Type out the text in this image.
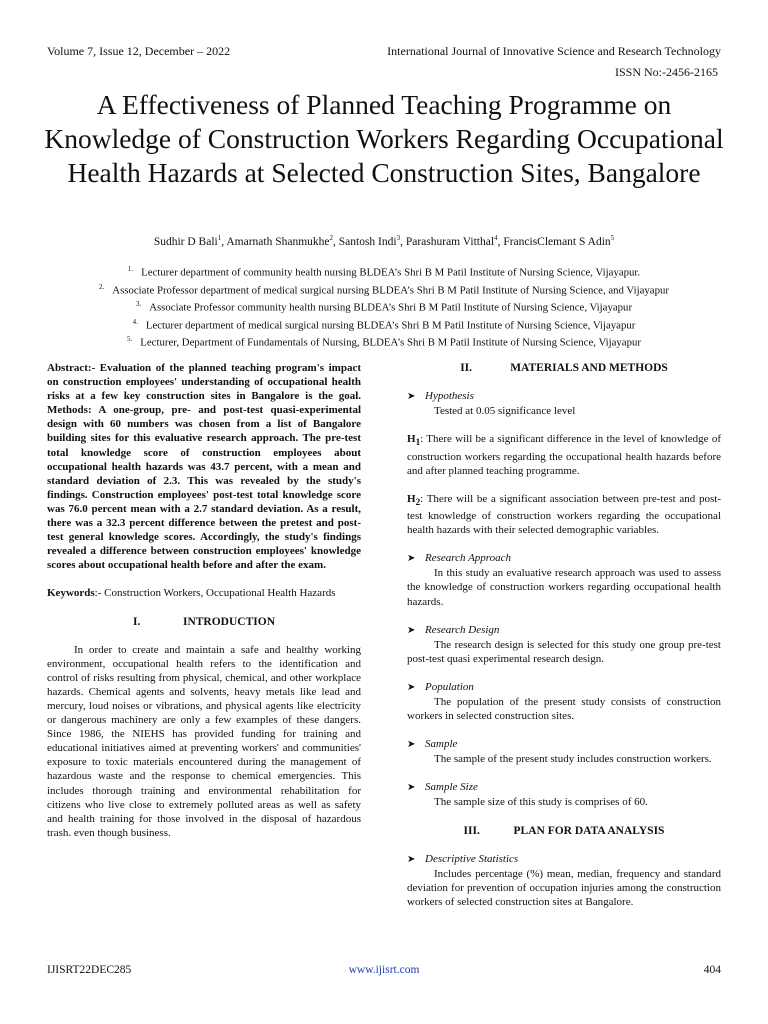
Volume 7, Issue 12, December – 2022	International Journal of Innovative Science and Research Technology
ISSN No:-2456-2165
A Effectiveness of Planned Teaching Programme on Knowledge of Construction Workers Regarding Occupational Health Hazards at Selected Construction Sites, Bangalore
Sudhir D Bali$^1$, Amarnath Shanmukhe$^2$, Santosh Indi$^3$, Parashuram Vitthal$^4$, FrancisClemant S Adin$^5$
$^{1.}$ Lecturer department of community health nursing BLDEA’s Shri B M Patil Institute of Nursing Science, Vijayapur.
$^{2.}$ Associate Professor department of medical surgical nursing BLDEA’s Shri B M Patil Institute of Nursing Science, and Vijayapur
$^{3.}$ Associate Professor community health nursing BLDEA’s Shri B M Patil Institute of Nursing Science, Vijayapur
$^{4.}$ Lecturer department of medical surgical nursing BLDEA’s Shri B M Patil Institute of Nursing Science, Vijayapur
$^{5.}$ Lecturer, Department of Fundamentals of Nursing, BLDEA’s Shri B M Patil Institute of Nursing Science, Vijayapur

Abstract:- Evaluation of the planned teaching program's impact on construction employees' understanding of occupational health risks at a few key construction sites in Bangalore is the goal. Methods: A one-group, pre- and post-test quasi-experimental design with 60 numbers was chosen from a list of Bangalore building sites for this evaluative research approach. The pre-test total knowledge score of construction employees about occupational health hazards was 43.7 percent, with a mean and standard deviation of 2.3. This was revealed by the study's findings. Construction employees' post-test total knowledge score was 76.0 percent mean with a 2.7 standard deviation. As a result, there was a 32.3 percent difference between the pretest and post-test general knowledge scores. Accordingly, the study's findings revealed a difference between construction employees' knowledge scores about occupational health before and after the exam.

Keywords:- Construction Workers, Occupational Health Hazards

I.	INTRODUCTION

In order to create and maintain a safe and healthy working environment, occupational health refers to the identification and control of risks resulting from physical, chemical, and other workplace hazards. Chemical agents and solvents, heavy metals like lead and mercury, loud noises or vibrations, and physical agents like electricity or dangerous machinery are only a few examples of these dangers. Since 1986, the NIEHS has provided funding for training and educational initiatives aimed at preventing workers' and communities' exposure to toxic materials encountered during the management of hazardous waste and the response to chemical emergencies. This includes thorough training and environmental rehabilitation for citizens who live close to extremely polluted areas as well as safety and health training for those involved in the disposal of hazardous trash. even though business.

II.	MATERIALS AND METHODS

➤ Hypothesis

Tested at 0.05 significance level

$H_1$: There will be a significant difference in the level of knowledge of construction workers regarding the occupational health hazards before and after planned teaching programme.

$H_2$: There will be a significant association between pre-test and post-test knowledge of construction workers regarding the occupational health hazards with their selected demographic variables.

➤ Research Approach

In this study an evaluative research approach was used to assess the knowledge of construction workers regarding occupational health hazards.

➤ Research Design

The research design is selected for this study one group pre-test post-test quasi experimental research design.

➤ Population

The population of the present study consists of construction workers in selected construction sites.

➤ Sample

The sample of the present study includes construction workers.

➤ Sample Size

The sample size of this study is comprises of 60.

III.	PLAN FOR DATA ANALYSIS

➤ Descriptive Statistics

Includes percentage (%) mean, median, frequency and standard deviation for prevention of occupation injuries among the construction workers of selected construction sites at Bangalore.

IJISRT22DEC285	www.ijisrt.com	404
